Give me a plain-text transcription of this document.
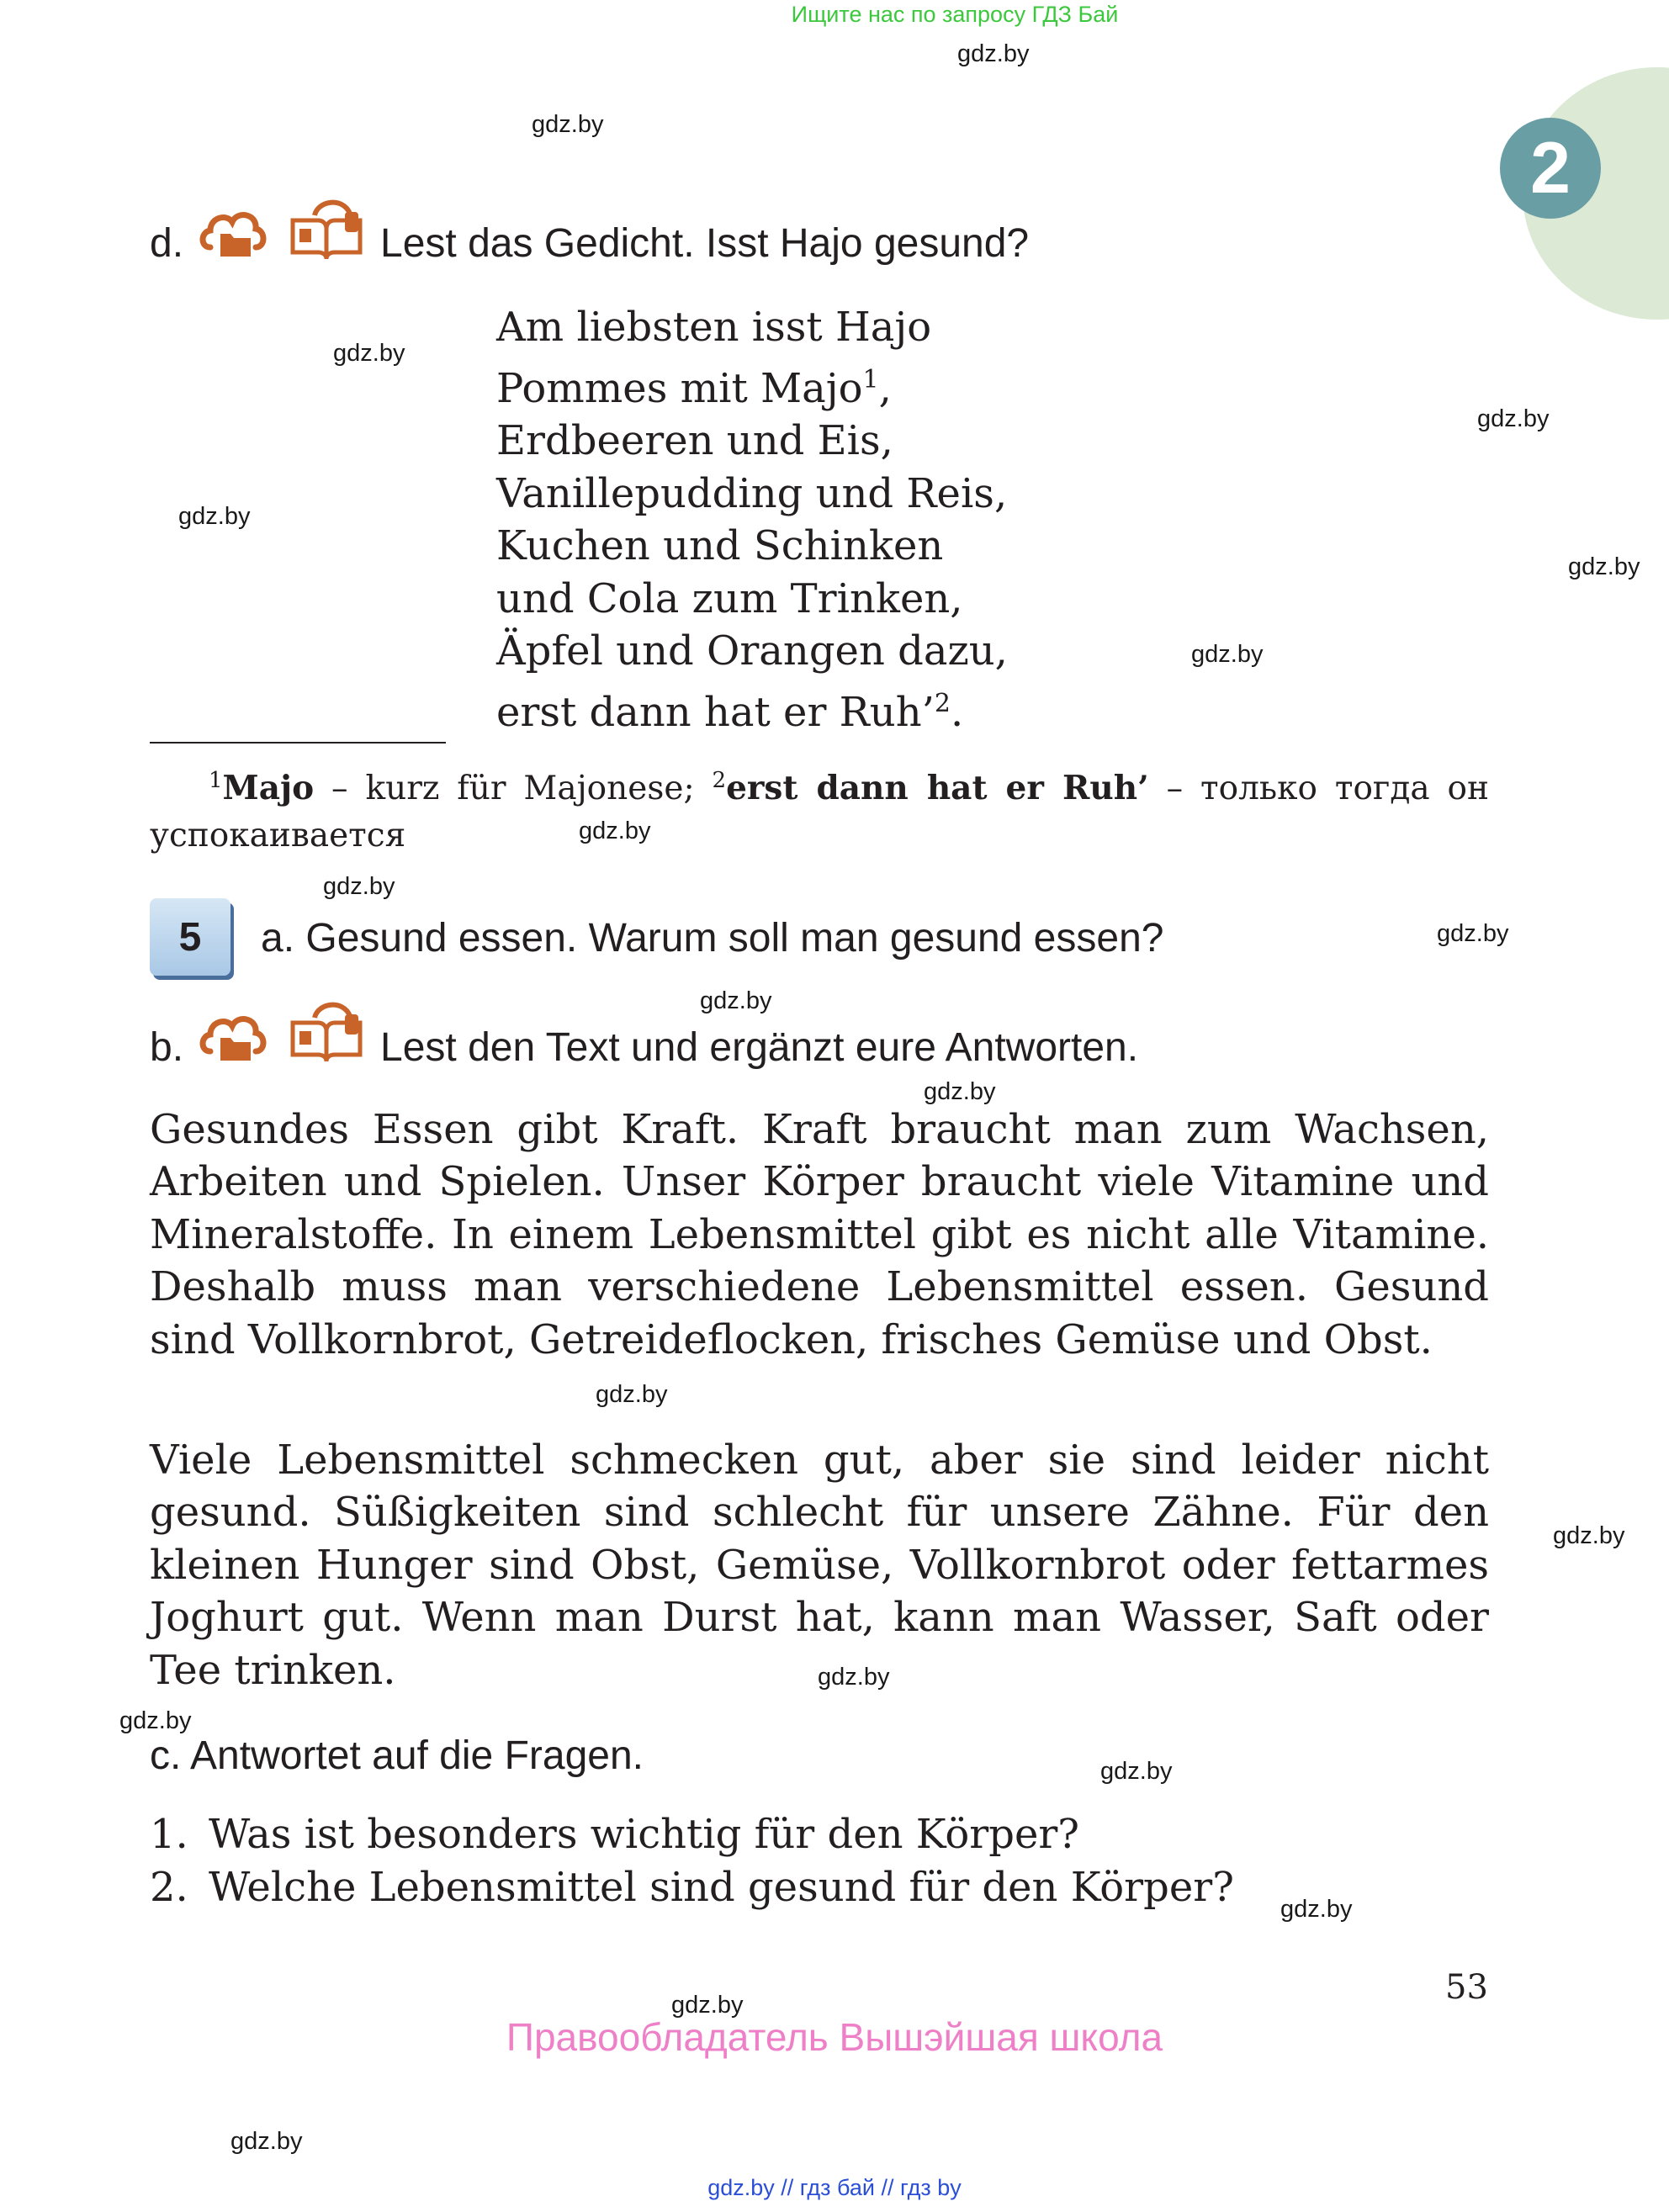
Ищите нас по запросу ГДЗ Бай
2
d.	Lest das Gedicht. Isst Hajo gesund?
Am liebsten isst Hajo
Pommes mit Majo$^1$,
Erdbeeren und Eis,
Vanillepudding und Reis,
Kuchen und Schinken
und Cola zum Trinken,
Äpfel und Orangen dazu,
erst dann hat er Ruh’$^2$.
$^1$Majo – kurz für Majonese; $^2$erst dann hat er Ruh’ – только тогда он успокаивается
5	a. Gesund essen. Warum soll man gesund essen?
b.	Lest den Text und ergänzt eure Antworten.
Gesundes Essen gibt Kraft. Kraft braucht man zum Wachsen, Arbeiten und Spielen. Unser Körper braucht viele Vitamine und Mineralstoffe. In einem Lebensmittel gibt es nicht alle Vitamine. Deshalb muss man verschiedene Lebensmittel essen. Gesund sind Vollkornbrot, Getreideflocken, frisches Gemüse und Obst.
Viele Lebensmittel schmecken gut, aber sie sind leider nicht gesund. Süßigkeiten sind schlecht für unsere Zähne. Für den kleinen Hunger sind Obst, Gemüse, Vollkornbrot oder fettarmes Joghurt gut. Wenn man Durst hat, kann man Wasser, Saft oder Tee trinken.
c. Antwortet auf die Fragen.
1. Was ist besonders wichtig für den Körper?
2. Welche Lebensmittel sind gesund für den Körper?
53
Правообладатель Вышэйшая школа
gdz.by // гдз бай // гдз by
gdz.by
gdz.by
gdz.by
gdz.by
gdz.by
gdz.by
gdz.by
gdz.by
gdz.by
gdz.by
gdz.by
gdz.by
gdz.by
gdz.by
gdz.by
gdz.by
gdz.by
gdz.by
gdz.by
gdz.by
